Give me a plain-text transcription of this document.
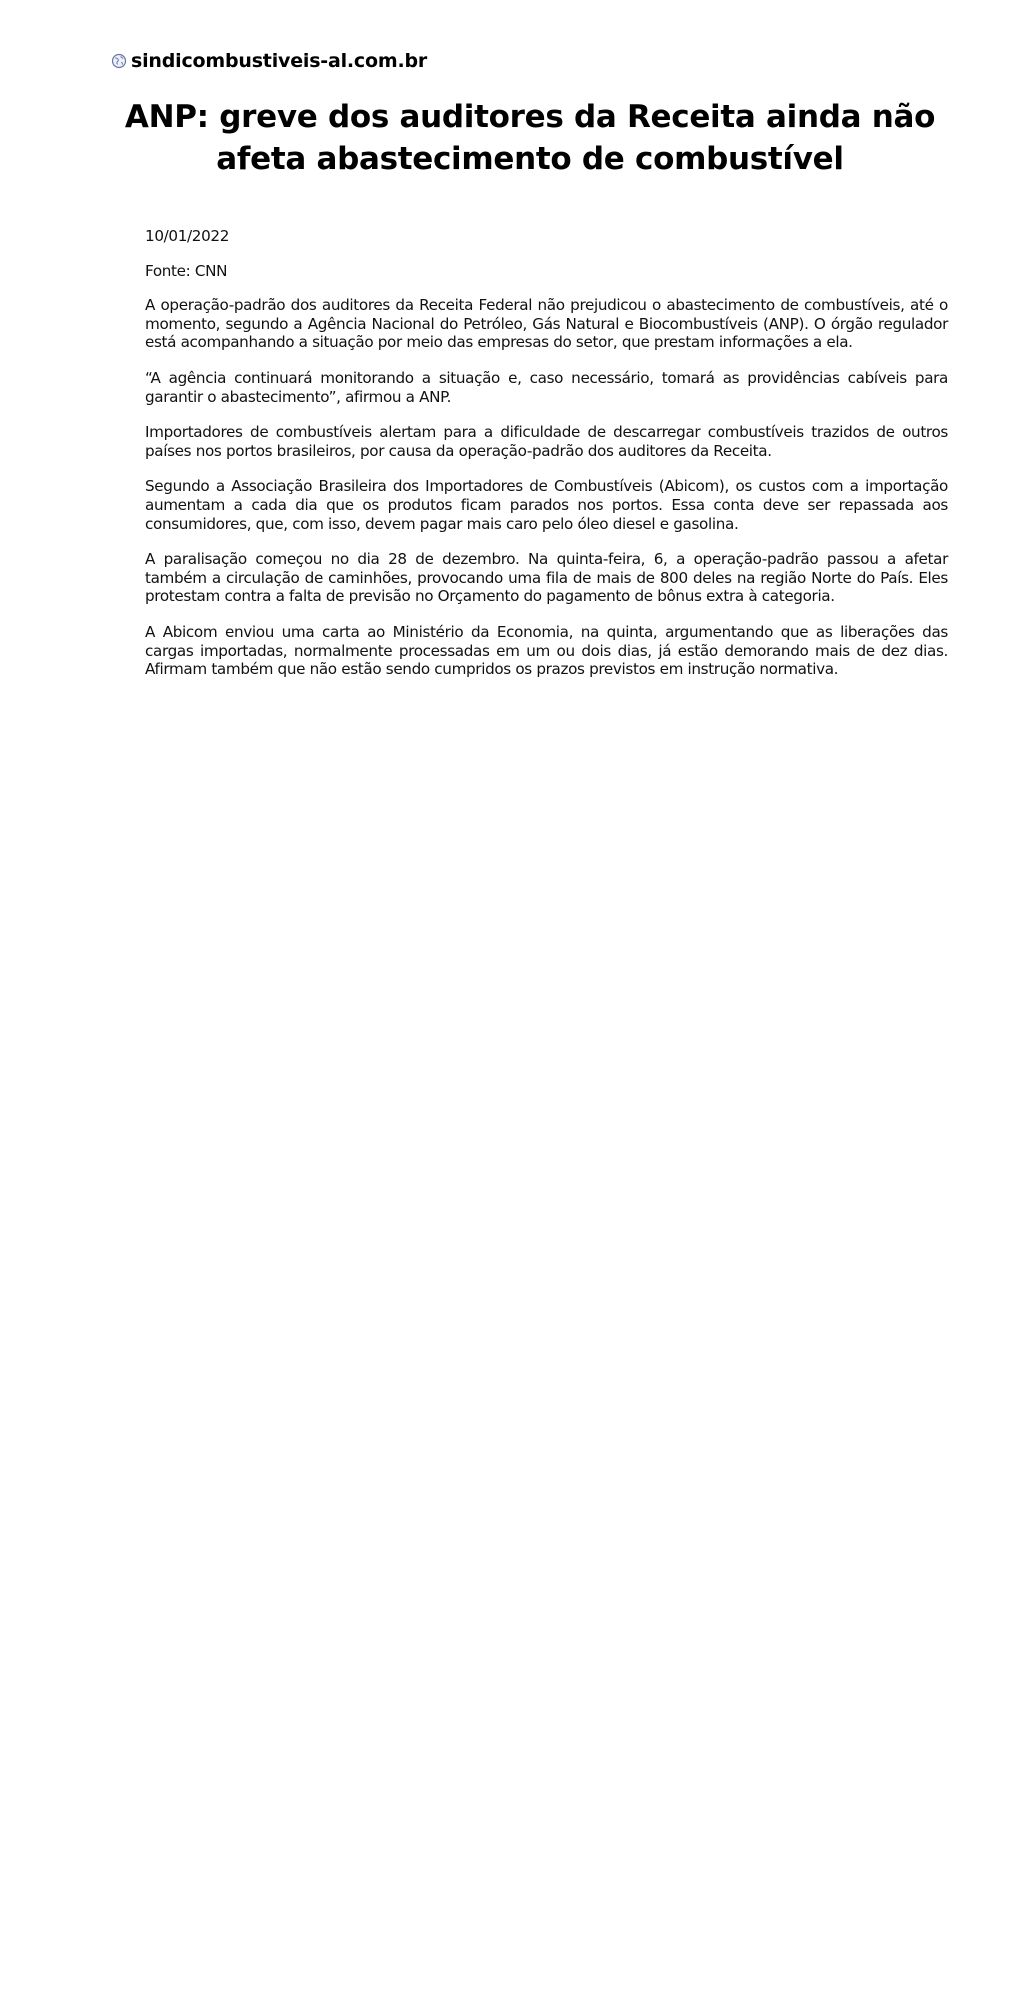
sindicombustiveis-al.com.br
ANP: greve dos auditores da Receita ainda não afeta abastecimento de combustível

10/01/2022

Fonte: CNN

A operação-padrão dos auditores da Receita Federal não prejudicou o abastecimento de combustíveis, até o momento, segundo a Agência Nacional do Petróleo, Gás Natural e Biocombustíveis (ANP). O órgão regulador está acompanhando a situação por meio das empresas do setor, que prestam informações a ela.

“A agência continuará monitorando a situação e, caso necessário, tomará as providências cabíveis para garantir o abastecimento”, afirmou a ANP.

Importadores de combustíveis alertam para a dificuldade de descarregar combustíveis trazidos de outros países nos portos brasileiros, por causa da operação-padrão dos auditores da Receita.

Segundo a Associação Brasileira dos Importadores de Combustíveis (Abicom), os custos com a importação aumentam a cada dia que os produtos ficam parados nos portos. Essa conta deve ser repassada aos consumidores, que, com isso, devem pagar mais caro pelo óleo diesel e gasolina.

A paralisação começou no dia 28 de dezembro. Na quinta-feira, 6, a operação-padrão passou a afetar também a circulação de caminhões, provocando uma fila de mais de 800 deles na região Norte do País. Eles protestam contra a falta de previsão no Orçamento do pagamento de bônus extra à categoria.

A Abicom enviou uma carta ao Ministério da Economia, na quinta, argumentando que as liberações das cargas importadas, normalmente processadas em um ou dois dias, já estão demorando mais de dez dias. Afirmam também que não estão sendo cumpridos os prazos previstos em instrução normativa.
